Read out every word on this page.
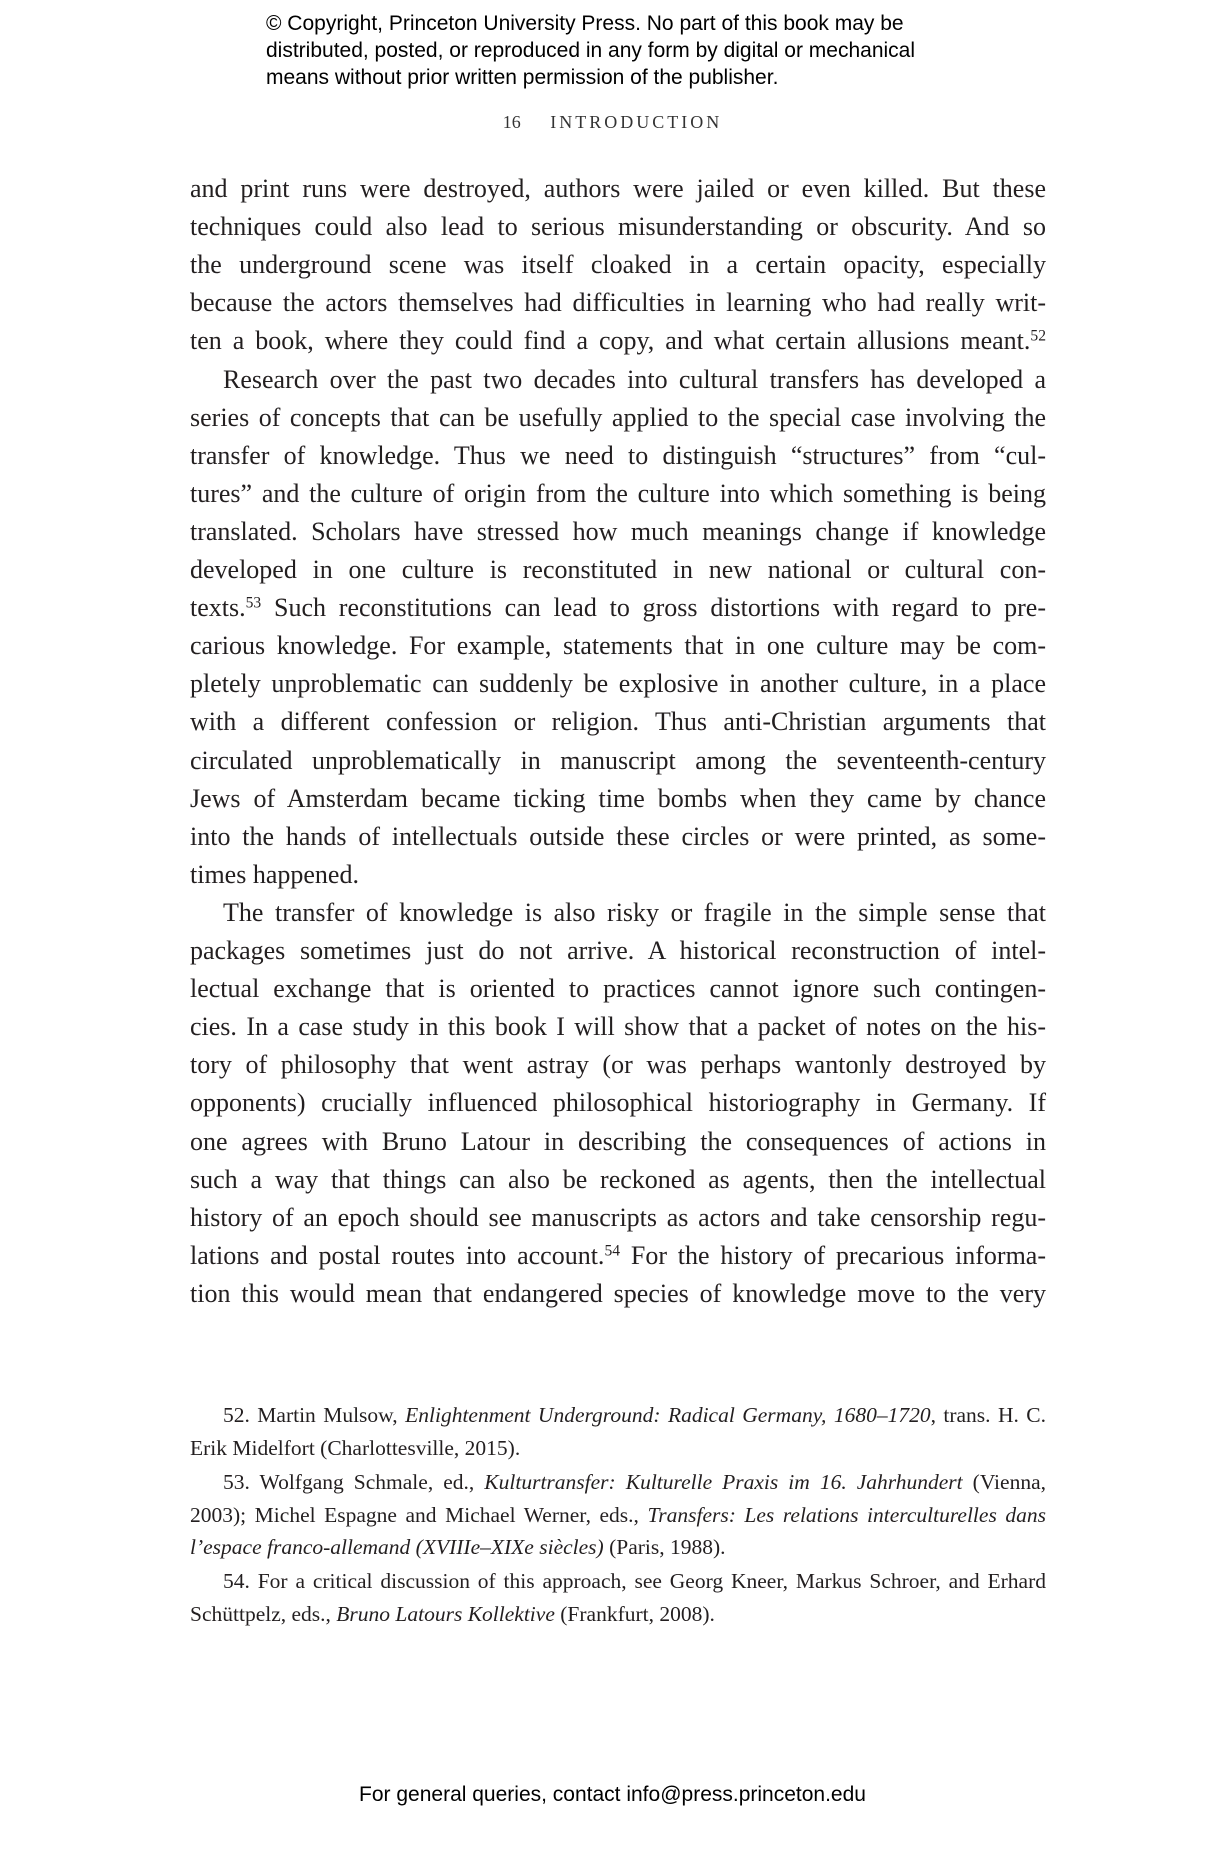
© Copyright, Princeton University Press. No part of this book may be
distributed, posted, or reproduced in any form by digital or mechanical
means without prior written permission of the publisher.
16 INTRODUCTION
and print runs were destroyed, authors were jailed or even killed. But these
techniques could also lead to serious misunderstanding or obscurity. And so
the underground scene was itself cloaked in a certain opacity, especially
because the actors themselves had difficulties in learning who had really writ-
ten a book, where they could find a copy, and what certain allusions meant.$^{52}$
Research over the past two decades into cultural transfers has developed a
series of concepts that can be usefully applied to the special case involving the
transfer of knowledge. Thus we need to distinguish “structures” from “cul-
tures” and the culture of origin from the culture into which something is being
translated. Scholars have stressed how much meanings change if knowledge
developed in one culture is reconstituted in new national or cultural con-
texts.$^{53}$ Such reconstitutions can lead to gross distortions with regard to pre-
carious knowledge. For example, statements that in one culture may be com-
pletely unproblematic can suddenly be explosive in another culture, in a place
with a different confession or religion. Thus anti-Christian arguments that
circulated unproblematically in manuscript among the seventeenth-century
Jews of Amsterdam became ticking time bombs when they came by chance
into the hands of intellectuals outside these circles or were printed, as some-
times happened.
The transfer of knowledge is also risky or fragile in the simple sense that
packages sometimes just do not arrive. A historical reconstruction of intel-
lectual exchange that is oriented to practices cannot ignore such contingen-
cies. In a case study in this book I will show that a packet of notes on the his-
tory of philosophy that went astray (or was perhaps wantonly destroyed by
opponents) crucially influenced philosophical historiography in Germany. If
one agrees with Bruno Latour in describing the consequences of actions in
such a way that things can also be reckoned as agents, then the intellectual
history of an epoch should see manuscripts as actors and take censorship regu-
lations and postal routes into account.$^{54}$ For the history of precarious informa-
tion this would mean that endangered species of knowledge move to the very
52. Martin Mulsow, Enlightenment Underground: Radical Germany, 1680–1720, trans. H. C.
Erik Midelfort (Charlottesville, 2015).
53. Wolfgang Schmale, ed., Kulturtransfer: Kulturelle Praxis im 16. Jahrhundert (Vienna,
2003); Michel Espagne and Michael Werner, eds., Transfers: Les relations interculturelles dans
l’espace franco-allemand (XVIIIe–XIXe siècles) (Paris, 1988).
54. For a critical discussion of this approach, see Georg Kneer, Markus Schroer, and Erhard
Schüttpelz, eds., Bruno Latours Kollektive (Frankfurt, 2008).
For general queries, contact info@press.princeton.edu
